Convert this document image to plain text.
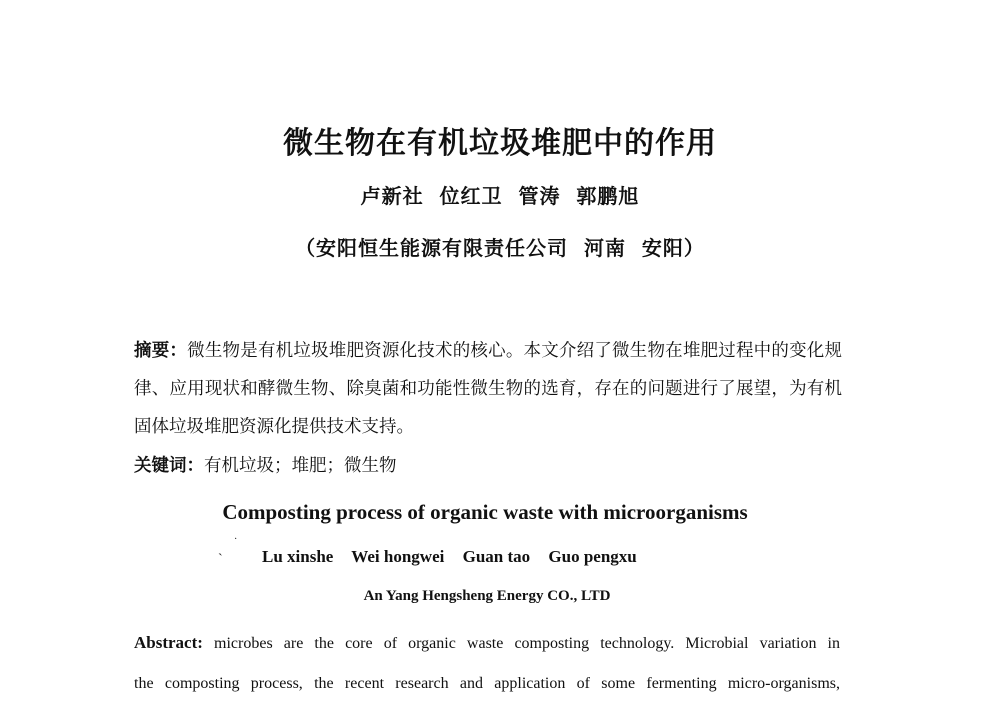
微生物在有机垃圾堆肥中的作用
卢新社  位红卫  管涛  郭鹏旭
（安阳恒生能源有限责任公司  河南  安阳）
摘要：微生物是有机垃圾堆肥资源化技术的核心。本文介绍了微生物在堆肥过程中的变化规律、应用现状和酵微生物、除臭菌和功能性微生物的选育，存在的问题进行了展望，为有机固体垃圾堆肥资源化提供技术支持。
关键词：有机垃圾；堆肥；微生物
Composting process of organic waste with microorganisms
`
·
Lu xinshe Wei hongwei Guan tao Guo pengxu
An Yang Hengsheng Energy CO., LTD
Abstract: microbes are the core of organic waste composting technology. Microbial variation in
the composting process, the recent research and application of some fermenting micro-organisms,
